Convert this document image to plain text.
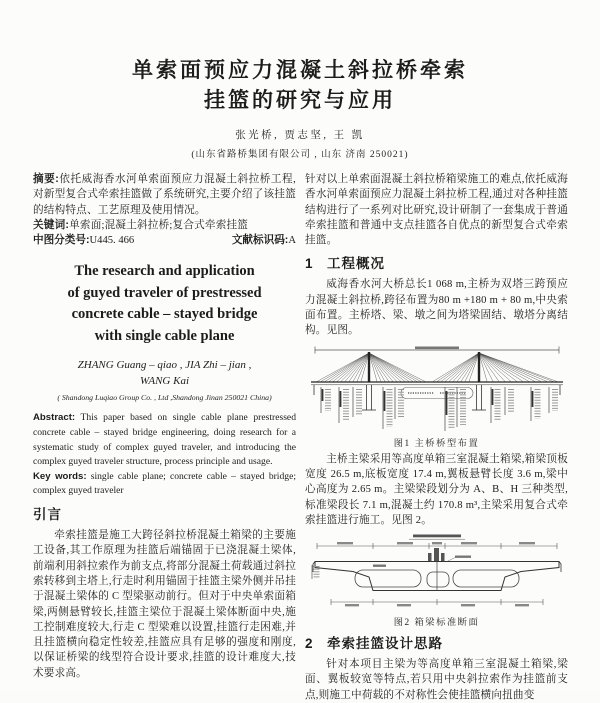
单索面预应力混凝土斜拉桥牵索
挂篮的研究与应用
张光桥, 贾志坚, 王 凯
(山东省路桥集团有限公司 , 山东 济南 250021)

摘要:依托威海香水河单索面预应力混凝土斜拉桥工程,对新型复合式牵索挂篮做了系统研究,主要介绍了该挂篮的结构特点、工艺原理及使用情况。

关键词:单索面;混凝土斜拉桥;复合式牵索挂篮

中图分类号:U445. 466	文献标识码:A
The research and application
of guyed traveler of prestressed
concrete cable – stayed bridge
with single cable plane
ZHANG Guang – qiao , JIA Zhi – jian ,
WANG Kai
( Shandong Luqiao Group Co. , Ltd ,Shandong Jinan 250021 China)

Abstract: This paper based on single cable plane prestressed concrete cable – stayed bridge engineering, doing research for a systematic study of complex guyed traveler, and introducing the complex guyed traveler structure, process principle and usage.

Key words: single cable plane; concrete cable – stayed bridge; complex guyed traveler

引言

牵索挂篮是施工大跨径斜拉桥混凝土箱梁的主要施工设备,其工作原理为挂篮后端锚固于已浇混凝土梁体,前端利用斜拉索作为前支点,将部分混凝土荷载通过斜拉索转移到主塔上,行走时利用锚固于挂篮主梁外侧并吊挂于混凝土梁体的 C 型梁驱动前行。但对于中央单索面箱梁,两侧悬臂较长,挂篮主梁位于混凝土梁体断面中央,施工控制难度较大,行走 C 型梁难以设置,挂篮行走困难,并且挂篮横向稳定性较差,挂篮应具有足够的强度和刚度,以保证桥梁的线型符合设计要求,挂篮的设计难度大,技术要求高。

针对以上单索面混凝土斜拉桥箱梁施工的难点,依托威海香水河单索面预应力混凝土斜拉桥工程,通过对各种挂篮结构进行了一系列对比研究,设计研制了一套集成于普通牵索挂篮和普通中支点挂篮各自优点的新型复合式牵索挂篮。

1 工程概况

威海香水河大桥总长1 068 m,主桥为双塔三跨预应力混凝土斜拉桥,跨径布置为80 m +180 m + 80 m,中央索面布置。主桥塔、梁、墩之间为塔梁固结、墩塔分离结构。见图。

图1 主桥桥型布置

主桥主梁采用等高度单箱三室混凝土箱梁,箱梁顶板宽度 26.5 m,底板宽度 17.4 m,翼板悬臂长度 3.6 m,梁中心高度为 2.65 m。主梁梁段划分为 A、B、H 三种类型,标准梁段长 7.1 m,混凝土约 170.8 m³,主梁采用复合式牵索挂篮进行施工。见图 2。

图2 箱梁标准断面
2 牵索挂篮设计思路

针对本项目主梁为等高度单箱三室混凝土箱梁,梁面、翼板较宽等特点,若只用中央斜拉索作为挂篮前支点,则施工中荷载的不对称性会使挂篮横向扭曲变
